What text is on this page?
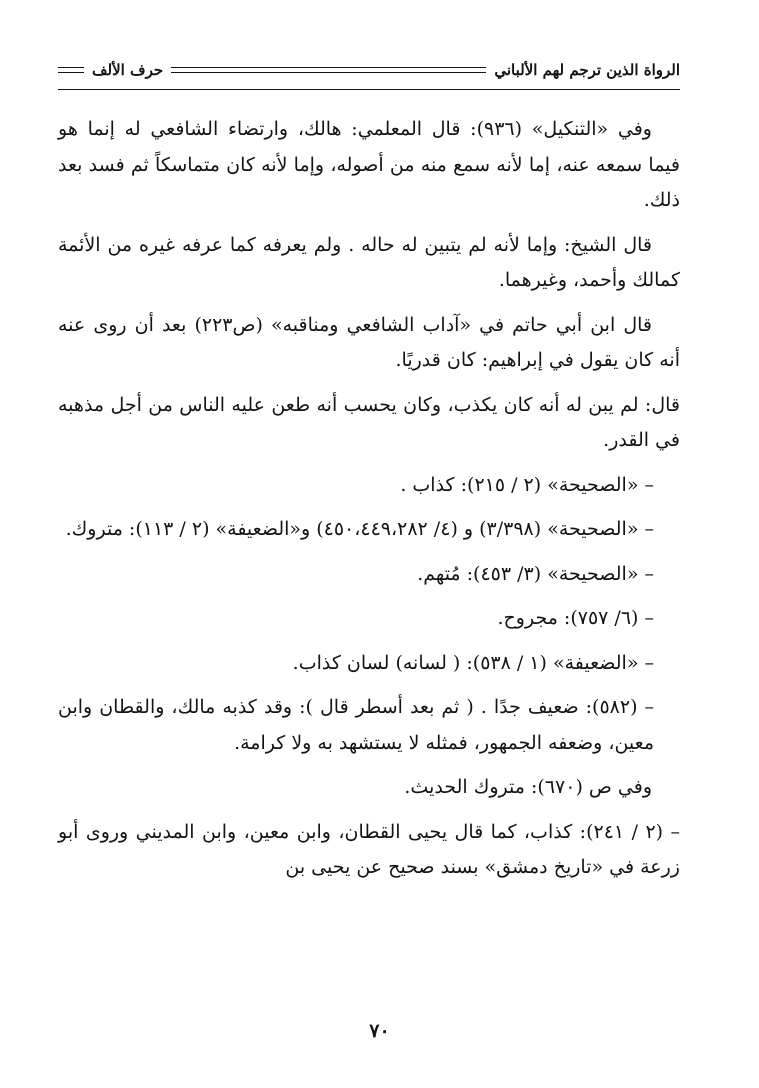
الرواة الذين ترجم لهم الألباني
حرف الألف

وفي «التنكيل» (٩٣٦): قال المعلمي: هالك، وارتضاء الشافعي له إنما هو فيما سمعه عنه، إما لأنه سمع منه من أصوله، وإما لأنه كان متماسكاً ثم فسد بعد ذلك.

قال الشيخ: وإما لأنه لم يتبين له حاله . ولم يعرفه كما عرفه غيره من الأئمة كمالك وأحمد، وغيرهما.

قال ابن أبي حاتم في «آداب الشافعي ومناقبه» (ص٢٢٣) بعد أن روى عنه أنه كان يقول في إبراهيم: كان قدريًا.

قال: لم يبن له أنه كان يكذب، وكان يحسب أنه طعن عليه الناس من أجل مذهبه في القدر.

– «الصحيحة» (٢ / ٢١٥): كذاب .

– «الصحيحة» (٣/٣٩٨) و (٤/ ٤٥٠،٤٤٩،٢٨٢) و«الضعيفة» (٢ / ١١٣): متروك.

– «الصحيحة» (٣/ ٤٥٣): مُتهم.

– (٦/ ٧٥٧): مجروح.

– «الضعيفة» (١ / ٥٣٨): ( لسانه) لسان كذاب.

– (٥٨٢): ضعيف جدًا . ( ثم بعد أسطر قال ): وقد كذبه مالك، والقطان وابن معين، وضعفه الجمهور، فمثله لا يستشهد به ولا كرامة.

وفي ص (٦٧٠): متروك الحديث.

– (٢ / ٢٤١): كذاب، كما قال يحيى القطان، وابن معين، وابن المديني وروى أبو زرعة في «تاريخ دمشق» بسند صحيح عن يحيى بن

٧٠
